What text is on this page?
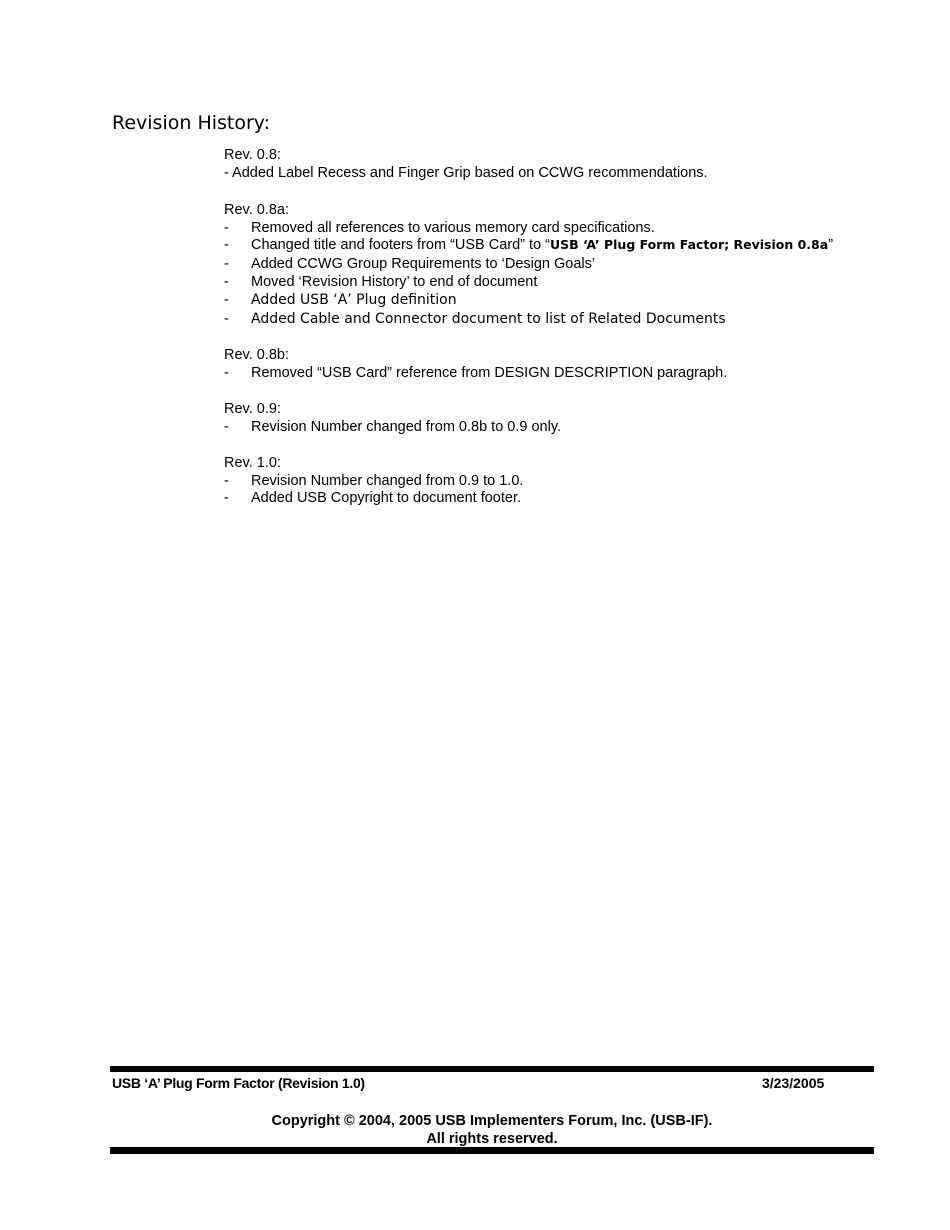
Revision History:
Rev. 0.8:
- Added Label Recess and Finger Grip based on CCWG recommendations.
Rev. 0.8a:
- Removed all references to various memory card specifications.
- Changed title and footers from “USB Card” to “USB ‘A’ Plug Form Factor; Revision 0.8a”
- Added CCWG Group Requirements to ‘Design Goals’
- Moved ‘Revision History’ to end of document
- Added USB ‘A’ Plug definition
- Added Cable and Connector document to list of Related Documents
Rev. 0.8b:
- Removed “USB Card” reference from DESIGN DESCRIPTION paragraph.
Rev. 0.9:
- Revision Number changed from 0.8b to 0.9 only.
Rev. 1.0:
- Revision Number changed from 0.9 to 1.0.
- Added USB Copyright to document footer.
USB ‘A’ Plug Form Factor (Revision 1.0)	3/23/2005
Copyright © 2004, 2005 USB Implementers Forum, Inc. (USB-IF).
All rights reserved.
